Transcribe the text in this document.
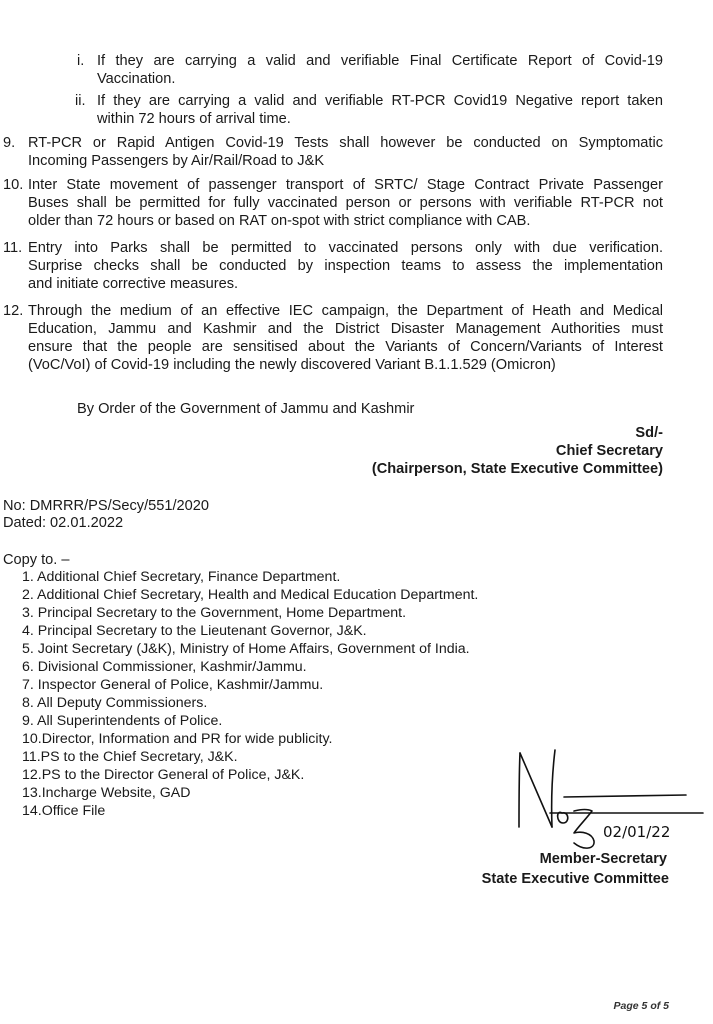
i. If they are carrying a valid and verifiable Final Certificate Report of Covid-19
Vaccination.
ii. If they are carrying a valid and verifiable RT-PCR Covid19 Negative report taken
within 72 hours of arrival time.
9. RT-PCR or Rapid Antigen Covid-19 Tests shall however be conducted on Symptomatic
Incoming Passengers by Air/Rail/Road to J&K
10. Inter State movement of passenger transport of SRTC/ Stage Contract Private Passenger
Buses shall be permitted for fully vaccinated person or persons with verifiable RT-PCR not
older than 72 hours or based on RAT on-spot with strict compliance with CAB.
11. Entry into Parks shall be permitted to vaccinated persons only with due verification.
Surprise checks shall be conducted by inspection teams to assess the implementation
and initiate corrective measures.
12. Through the medium of an effective IEC campaign, the Department of Heath and Medical
Education, Jammu and Kashmir and the District Disaster Management Authorities must
ensure that the people are sensitised about the Variants of Concern/Variants of Interest
(VoC/VoI) of Covid-19 including the newly discovered Variant B.1.1.529 (Omicron)
By Order of the Government of Jammu and Kashmir
Sd/-
Chief Secretary
(Chairperson, State Executive Committee)
No: DMRRR/PS/Secy/551/2020
Dated: 02.01.2022
Copy to. –
1. Additional Chief Secretary, Finance Department.
2. Additional Chief Secretary, Health and Medical Education Department.
3. Principal Secretary to the Government, Home Department.
4. Principal Secretary to the Lieutenant Governor, J&K.
5. Joint Secretary (J&K), Ministry of Home Affairs, Government of India.
6. Divisional Commissioner, Kashmir/Jammu.
7. Inspector General of Police, Kashmir/Jammu.
8. All Deputy Commissioners.
9. All Superintendents of Police.
10.Director, Information and PR for wide publicity.
11.PS to the Chief Secretary, J&K.
12.PS to the Director General of Police, J&K.
13.Incharge Website, GAD
14.Office File
02/01/22
Member-Secretary
State Executive Committee
Page 5 of 5
